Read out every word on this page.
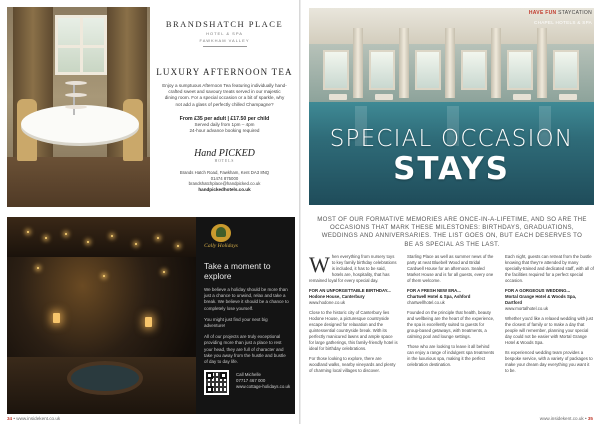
BRANDSHATCH PLACE
HOTEL & SPA
FAWKHAM VALLEY
LUXURY AFTERNOON TEA
Enjoy a sumptuous Afternoon Tea featuring individually hand-crafted sweet and savoury treats served in our majestic dining room. For a special occasion or a bit of sparkle, why not add a glass of perfectly chilled Champagne?
From £35 per adult | £17.50 per child
Served daily from 1pm – 4pm
24-hour advance booking required
Hand PICKED
HOTELS
Brands Hatch Road, Fawkham, Kent DA3 8NQ
01474 875000
brandshatchplace@handpicked.co.uk
handpickedhotels.co.uk
Cally Holidays
Take a moment to explore

We believe a holiday should be more than just a chance to unwind, relax and take a break. We believe it should be a chance to completely lose yourself.

You might just find your next big adventure!

All of our projects are truly exceptional providing more than just a place to rest your head, they are full of character and take you away from the hustle and bustle of day to day life.

Call Michelle
07717 467 000
www.cottage-holidays.co.uk
34 • www.insidekent.co.uk
SPECIAL OCCASION
STAYS
HAVE FUN STAYCATION
CHAPEL HOTELS & SPA
MOST OF OUR FORMATIVE MEMORIES ARE ONCE-IN-A-LIFETIME, AND SO ARE THE OCCASIONS THAT MARK THESE MILESTONES: BIRTHDAYS, GRADUATIONS, WEDDINGS AND ANNIVERSARIES. THE LIST GOES ON, BUT EACH DESERVES TO BE AS SPECIAL AS THE LAST.

When everything from nursery toys to key family birthday celebrations is included, it has to be said, hotels are, hospitality, that has remained loyal for every special day.

FOR AN UNFORGETTABLE BIRTHDAY...

Hodone House, Canterbury

www.hodone.co.uk

Close to the historic city of Canterbury lies Hodone House, a picturesque countryside escape designed for relaxation and the quintessential countryside break. With its perfectly manicured lawns and ample space for large gatherings, this family-friendly hotel is ideal for birthday celebrations.

For those looking to explore, there are woodland walks, nearby vineyards and plenty of charming local villages to discover.

Starling Place as well as summer news of the party at neat Bluebell Wood and Bridal Cardwell House for an afternoon. Sealed Market House and is for all guests, every one of them welcome.

FOR A FRESH NEW ERA...

Chartwell Hotel & Spa, Ashford

chartwellhotel.co.uk

Founded on the principle that health, beauty and wellbeing are the heart of the experience, the spa is excellently suited to guests for group-based getaways, with treatments, a calming pool and lounge settings.

Those who are looking to leave it all behind can enjoy a range of indulgent spa treatments in the luxurious spa, making it the perfect celebration destination.

Each night, guests can retreat from the bustle knowing that they're attended by many specially-trained and dedicated staff, with all of the facilities required for a perfect special occasion.

FOR A GORGEOUS WEDDING...

Mortal Grange Hotel & Woods Spa, Dartford

www.mortalhotel.co.uk

Whether you'd like a relaxed wedding with just the closest of family or to make a day that people will remember, planning your special day could not be easier with Mortal Grange Hotel & Woods Spa.

Its experienced wedding team provides a bespoke service, with a variety of packages to make your dream day everything you want it to be.

www.insidekent.co.uk • 35
